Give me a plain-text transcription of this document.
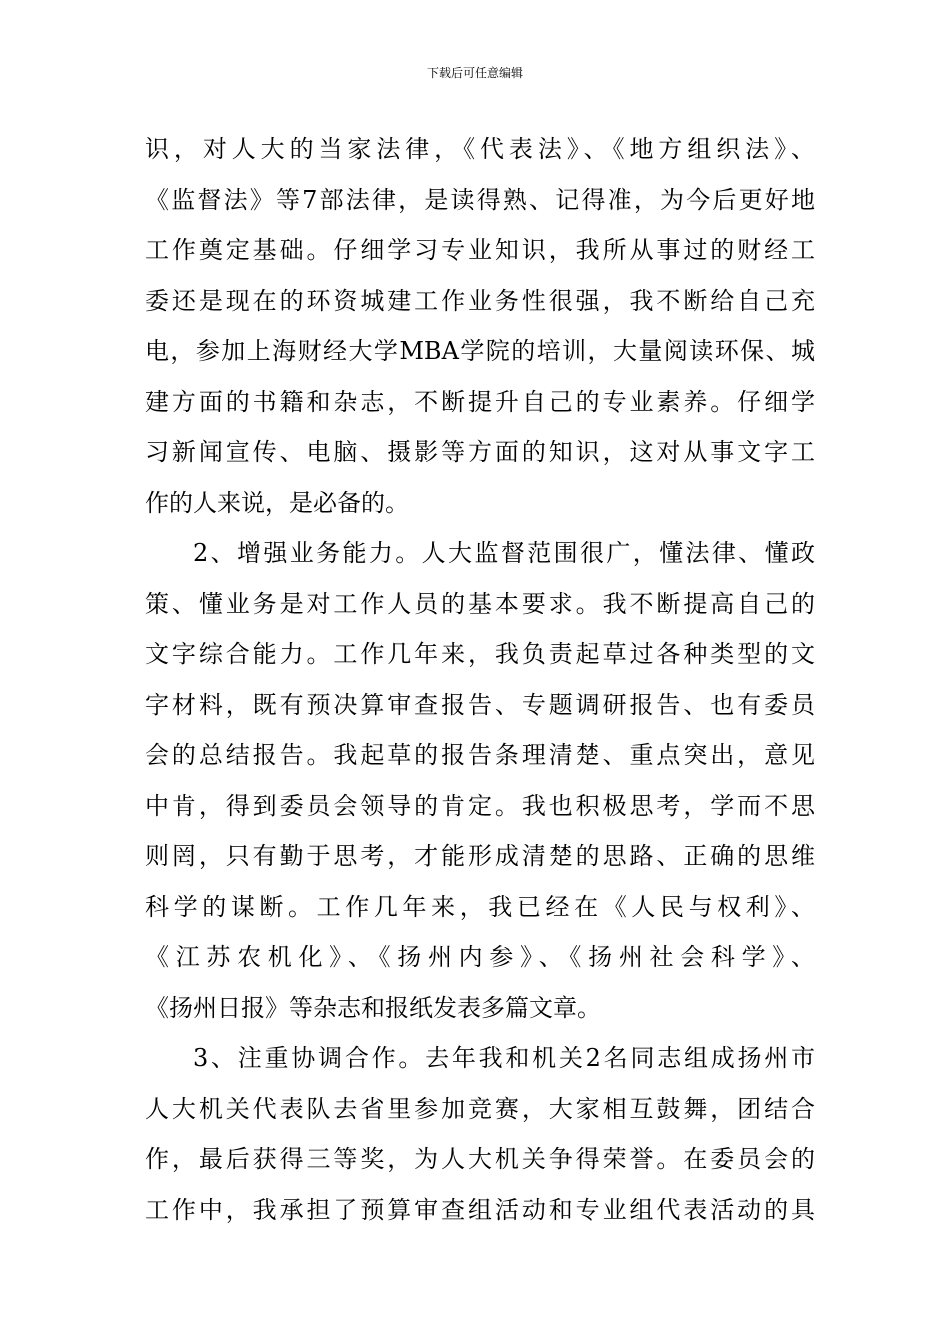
下载后可任意编辑
识，对人大的当家法律，《代表法》、《地方组织法》、
《监督法》等7部法律，是读得熟、记得准，为今后更好地
工作奠定基础。仔细学习专业知识，我所从事过的财经工
委还是现在的环资城建工作业务性很强，我不断给自己充
电，参加上海财经大学MBA学院的培训，大量阅读环保、城
建方面的书籍和杂志，不断提升自己的专业素养。仔细学
习新闻宣传、电脑、摄影等方面的知识，这对从事文字工
作的人来说，是必备的。
2、增强业务能力。人大监督范围很广，懂法律、懂政
策、懂业务是对工作人员的基本要求。我不断提高自己的
文字综合能力。工作几年来，我负责起草过各种类型的文
字材料，既有预决算审查报告、专题调研报告、也有委员
会的总结报告。我起草的报告条理清楚、重点突出，意见
中肯，得到委员会领导的肯定。我也积极思考，学而不思
则罔，只有勤于思考，才能形成清楚的思路、正确的思维
科学的谋断。工作几年来，我已经在《人民与权利》、
《江苏农机化》、《扬州内参》、《扬州社会科学》、
《扬州日报》等杂志和报纸发表多篇文章。
3、注重协调合作。去年我和机关2名同志组成扬州市
人大机关代表队去省里参加竞赛，大家相互鼓舞，团结合
作，最后获得三等奖，为人大机关争得荣誉。在委员会的
工作中，我承担了预算审查组活动和专业组代表活动的具
